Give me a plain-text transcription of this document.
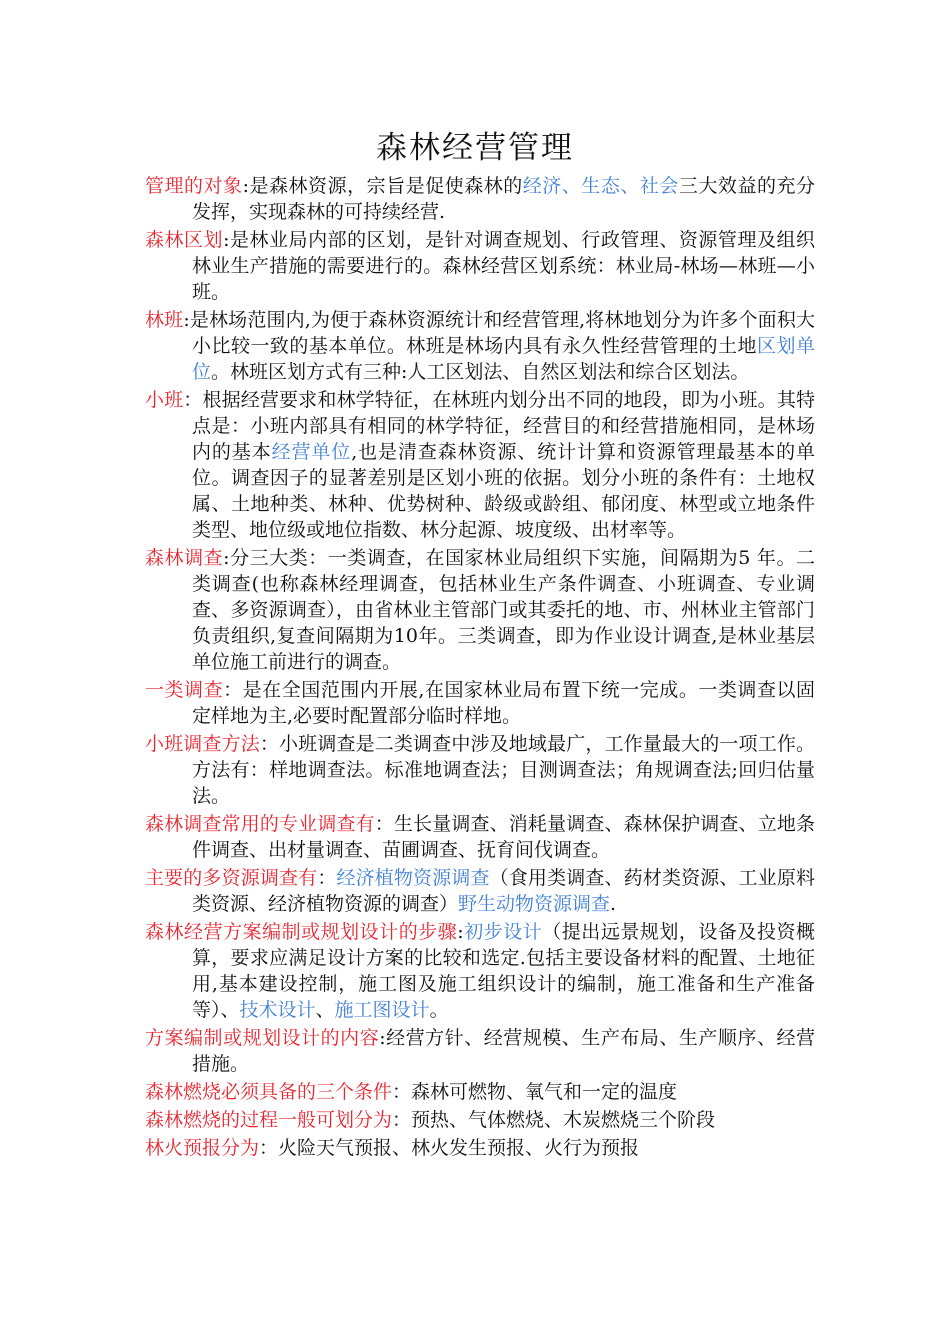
森林经营管理

管理的对象:是森林资源，宗旨是促使森林的经济、生态、社会三大效益的充分发挥，实现森林的可持续经营.

森林区划:是林业局内部的区划，是针对调查规划、行政管理、资源管理及组织林业生产措施的需要进行的。森林经营区划系统：林业局-林场—林班—小班。

林班:是林场范围内,为便于森林资源统计和经营管理,将林地划分为许多个面积大小比较一致的基本单位。林班是林场内具有永久性经营管理的土地区划单位。林班区划方式有三种:人工区划法、自然区划法和综合区划法。

小班：根据经营要求和林学特征，在林班内划分出不同的地段，即为小班。其特点是：小班内部具有相同的林学特征，经营目的和经营措施相同，是林场内的基本经营单位,也是清查森林资源、统计计算和资源管理最基本的单位。调查因子的显著差别是区划小班的依据。划分小班的条件有：土地权属、土地种类、林种、优势树种、龄级或龄组、郁闭度、林型或立地条件类型、地位级或地位指数、林分起源、坡度级、出材率等。

森林调查:分三大类：一类调查，在国家林业局组织下实施，间隔期为5 年。二类调查(也称森林经理调查，包括林业生产条件调查、小班调查、专业调查、多资源调查），由省林业主管部门或其委托的地、市、州林业主管部门负责组织,复查间隔期为10年。三类调查，即为作业设计调查,是林业基层单位施工前进行的调查。

一类调查：是在全国范围内开展,在国家林业局布置下统一完成。一类调查以固定样地为主,必要时配置部分临时样地。

小班调查方法：小班调查是二类调查中涉及地域最广，工作量最大的一项工作。方法有：样地调查法。标准地调查法；目测调查法；角规调查法;回归估量法。

森林调查常用的专业调查有：生长量调查、消耗量调查、森林保护调查、立地条件调查、出材量调查、苗圃调查、抚育间伐调查。

主要的多资源调查有：经济植物资源调查（食用类调查、药材类资源、工业原料类资源、经济植物资源的调查）野生动物资源调查.

森林经营方案编制或规划设计的步骤:初步设计（提出远景规划，设备及投资概算，要求应满足设计方案的比较和选定.包括主要设备材料的配置、土地征用,基本建设控制，施工图及施工组织设计的编制，施工准备和生产准备等）、技术设计、施工图设计。

方案编制或规划设计的内容:经营方针、经营规模、生产布局、生产顺序、经营措施。

森林燃烧必须具备的三个条件：森林可燃物、氧气和一定的温度

森林燃烧的过程一般可划分为：预热、气体燃烧、木炭燃烧三个阶段

林火预报分为：火险天气预报、林火发生预报、火行为预报
